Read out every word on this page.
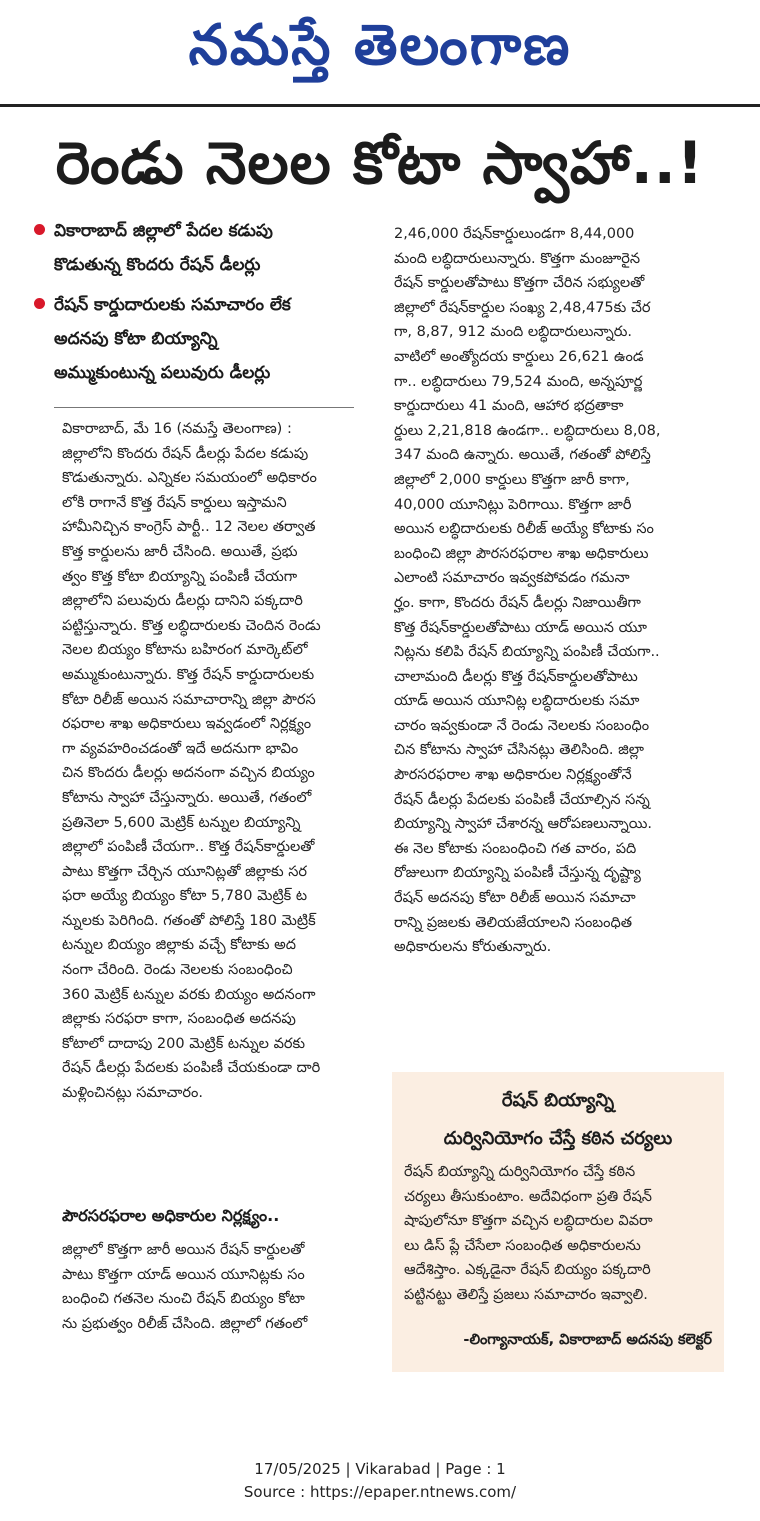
నమస్తే తెలంగాణ
రెండు నెలల కోటా స్వాహా..!
వికారాబాద్ జిల్లాలో పేదల కడుపు
కొడుతున్న కొందరు రేషన్ డీలర్లు
రేషన్ కార్డుదారులకు సమాచారం లేక
అదనపు కోటా బియ్యాన్ని
అమ్ముకుంటున్న పలువురు డీలర్లు
వికారాబాద్, మే 16 (నమస్తే తెలంగాణ) :
జిల్లాలోని కొందరు రేషన్ డీలర్లు పేదల కడుపు
కొడుతున్నారు. ఎన్నికల సమయంలో అధికారం
లోకి రాగానే కొత్త రేషన్ కార్డులు ఇస్తామని
హామీనిచ్చిన కాంగ్రెస్ పార్టీ.. 12 నెలల తర్వాత
కొత్త కార్డులను జారీ చేసింది. అయితే, ప్రభు
త్వం కొత్త కోటా బియ్యాన్ని పంపిణీ చేయగా
జిల్లాలోని పలువురు డీలర్లు దానిని పక్కదారి
పట్టిస్తున్నారు. కొత్త లబ్ధిదారులకు చెందిన రెండు
నెలల బియ్యం కోటాను బహిరంగ మార్కెట్‌లో
అమ్ముకుంటున్నారు. కొత్త రేషన్ కార్డుదారులకు
కోటా రిలీజ్ అయిన సమాచారాన్ని జిల్లా పౌరస
రఫరాల శాఖ అధికారులు ఇవ్వడంలో నిర్లక్ష్యం
గా వ్యవహరించడంతో ఇదే అదనుగా భావిం
చిన కొందరు డీలర్లు అదనంగా వచ్చిన బియ్యం
కోటాను స్వాహా చేస్తున్నారు. అయితే, గతంలో
ప్రతినెలా 5,600 మెట్రిక్ టన్నుల బియ్యాన్ని
జిల్లాలో పంపిణీ చేయగా.. కొత్త రేషన్‌కార్డులతో
పాటు కొత్తగా చేర్చిన యూనిట్లతో జిల్లాకు సర
ఫరా అయ్యే బియ్యం కోటా 5,780 మెట్రిక్ ట
న్నులకు పెరిగింది. గతంతో పోలిస్తే 180 మెట్రిక్
టన్నుల బియ్యం జిల్లాకు వచ్చే కోటాకు అద
నంగా చేరింది. రెండు నెలలకు సంబంధించి
360 మెట్రిక్ టన్నుల వరకు బియ్యం అదనంగా
జిల్లాకు సరఫరా కాగా, సంబంధిత అదనపు
కోటాలో దాదాపు 200 మెట్రిక్ టన్నుల వరకు
రేషన్ డీలర్లు పేదలకు పంపిణీ చేయకుండా దారి
మళ్లించినట్లు సమాచారం.
పౌరసరఫరాల అధికారుల నిర్లక్ష్యం..
జిల్లాలో కొత్తగా జారీ అయిన రేషన్ కార్డులతో
పాటు కొత్తగా యాడ్ అయిన యూనిట్లకు సం
బంధించి గతనెల నుంచి రేషన్ బియ్యం కోటా
ను ప్రభుత్వం రిలీజ్ చేసింది. జిల్లాలో గతంలో
2,46,000 రేషన్‌కార్డులుండగా 8,44,000
మంది లబ్ధిదారులున్నారు. కొత్తగా మంజూరైన
రేషన్ కార్డులతోపాటు కొత్తగా చేరిన సభ్యులతో
జిల్లాలో రేషన్‌కార్డుల సంఖ్య 2,48,475కు చేర
గా, 8,87, 912 మంది లబ్ధిదారులున్నారు.
వాటిలో అంత్యోదయ కార్డులు 26,621 ఉండ
గా.. లబ్ధిదారులు 79,524 మంది, అన్నపూర్ణ
కార్డుదారులు 41 మంది, ఆహార భద్రతాకా
ర్డులు 2,21,818 ఉండగా.. లబ్ధిదారులు 8,08,
347 మంది ఉన్నారు. అయితే, గతంతో పోలిస్తే
జిల్లాలో 2,000 కార్డులు కొత్తగా జారీ కాగా,
40,000 యూనిట్లు పెరిగాయి. కొత్తగా జారీ
అయిన లబ్ధిదారులకు రిలీజ్ అయ్యే కోటాకు సం
బంధించి జిల్లా పౌరసరఫరాల శాఖ అధికారులు
ఎలాంటి సమాచారం ఇవ్వకపోవడం గమనా
ర్హం. కాగా, కొందరు రేషన్ డీలర్లు నిజాయితీగా
కొత్త రేషన్‌కార్డులతోపాటు యాడ్ అయిన యూ
నిట్లను కలిపి రేషన్ బియ్యాన్ని పంపిణీ చేయగా..
చాలామంది డీలర్లు కొత్త రేషన్‌కార్డులతోపాటు
యాడ్ అయిన యూనిట్ల లబ్ధిదారులకు సమా
చారం ఇవ్వకుండా నే రెండు నెలలకు సంబంధిం
చిన కోటాను స్వాహా చేసినట్లు తెలిసింది. జిల్లా
పౌరసరఫరాల శాఖ అధికారుల నిర్లక్ష్యంతోనే
రేషన్ డీలర్లు పేదలకు పంపిణీ చేయాల్సిన సన్న
బియ్యాన్ని స్వాహా చేశారన్న ఆరోపణలున్నాయి.
ఈ నెల కోటాకు సంబంధించి గత వారం, పది
రోజులుగా బియ్యాన్ని పంపిణీ చేస్తున్న దృష్ట్యా
రేషన్ అదనపు కోటా రిలీజ్ అయిన సమాచా
రాన్ని ప్రజలకు తెలియజేయాలని సంబంధిత
అధికారులను కోరుతున్నారు.
రేషన్ బియ్యాన్ని
దుర్వినియోగం చేస్తే కఠిన చర్యలు
రేషన్ బియ్యాన్ని దుర్వినియోగం చేస్తే కఠిన
చర్యలు తీసుకుంటాం. అదేవిధంగా ప్రతి రేషన్
షాపులోనూ కొత్తగా వచ్చిన లబ్ధిదారుల వివరా
లు డిస్ ప్లే చేసేలా సంబంధిత అధికారులను
ఆదేశిస్తాం. ఎక్కడైనా రేషన్ బియ్యం పక్కదారి
పట్టినట్టు తెలిస్తే ప్రజలు సమాచారం ఇవ్వాలి.
-లింగ్యానాయక్, వికారాబాద్ అదనపు కలెక్టర్
17/05/2025 | Vikarabad | Page : 1
Source : https://epaper.ntnews.com/
